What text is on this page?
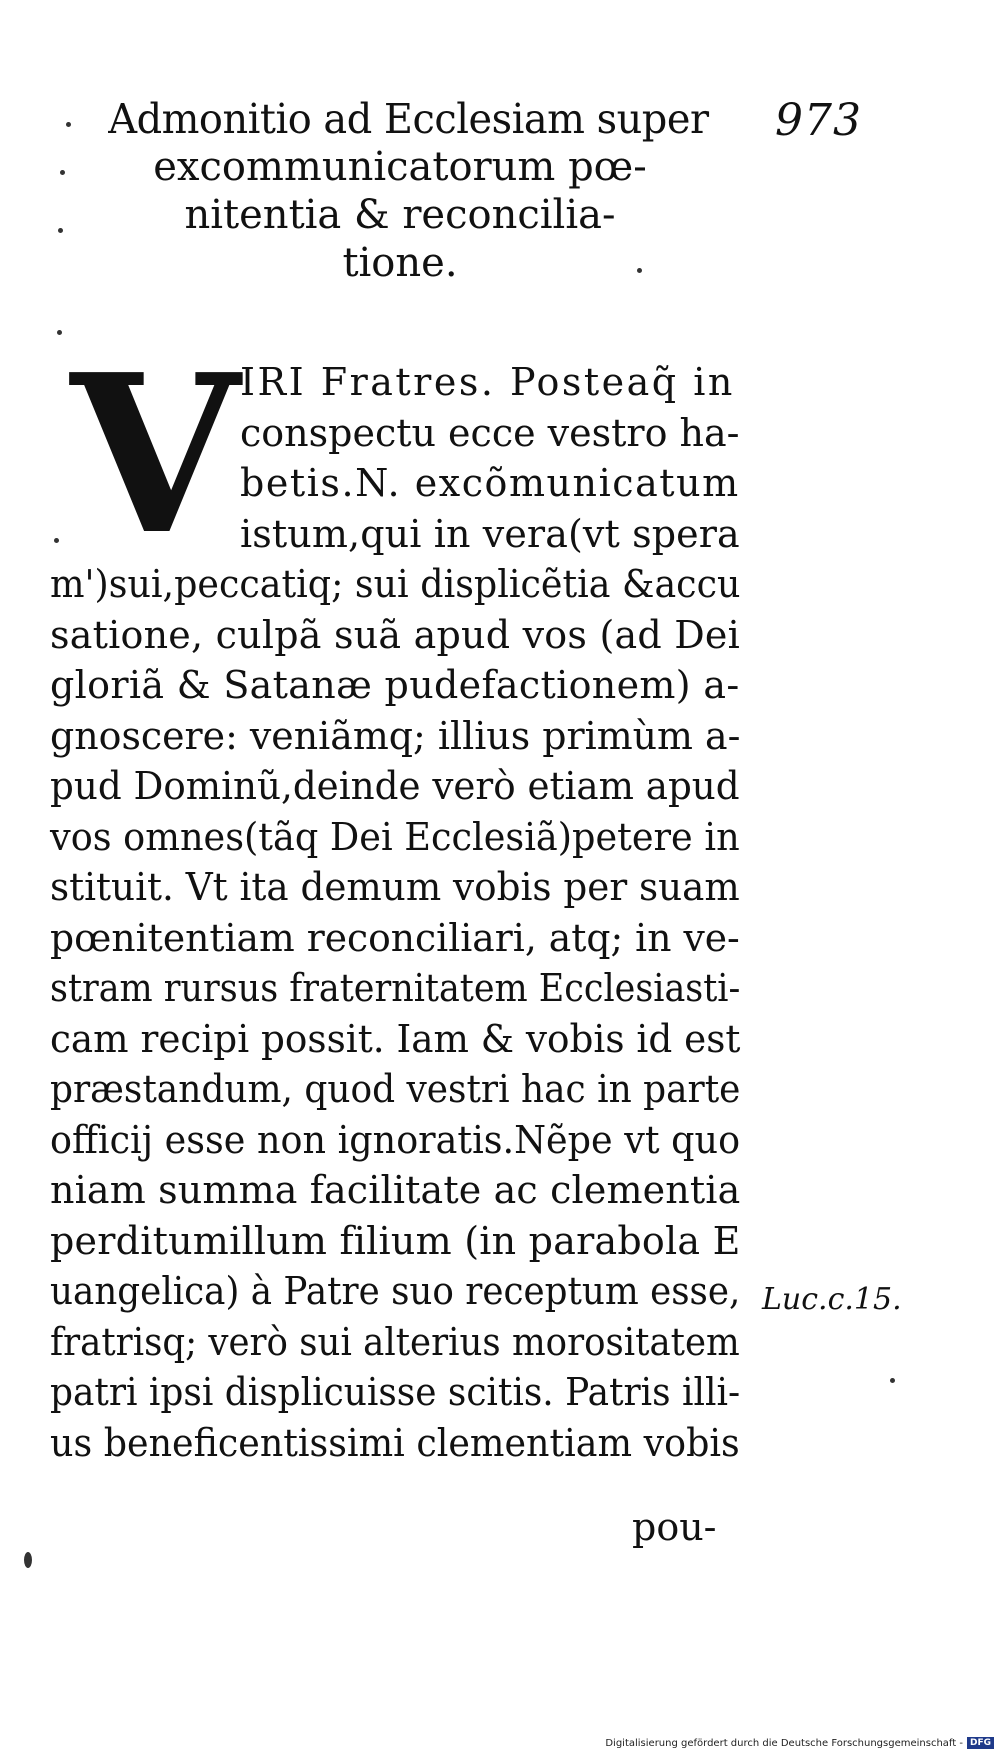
973
Admonitio ad Ecclesiam super
excommunicatorum pœ-
nitentia & reconcilia-
tione.
V IRI Fratres. Posteaq̃ in
conspectu ecce vestro ha-
betis.N. excõmunicatum
istum,qui in vera(vt spera
m')sui,peccatiq; sui displicẽtia &accu
satione, culpã suã apud vos (ad Dei
gloriã & Satanæ pudefactionem) a-
gnoscere: veniãmq; illius primùm a-
pud Dominũ,deinde verò etiam apud
vos omnes(tãq Dei Ecclesiã)petere in
stituit. Vt ita demum vobis per suam
pœnitentiam reconciliari, atq; in ve-
stram rursus fraternitatem Ecclesiasti-
cam recipi possit. Iam & vobis id est
præstandum, quod vestri hac in parte
officij esse non ignoratis.Nẽpe vt quo
niam summa facilitate ac clementia
perditumillum filium (in parabola E
uangelica) à Patre suo receptum esse,
fratrisq; verò sui alterius morositatem
patri ipsi displicuisse scitis. Patris illi-
us beneficentissimi clementiam vobis
Luc.c.15.
pou-
Digitalisierung gefördert durch die Deutsche Forschungsgemeinschaft - DFG
